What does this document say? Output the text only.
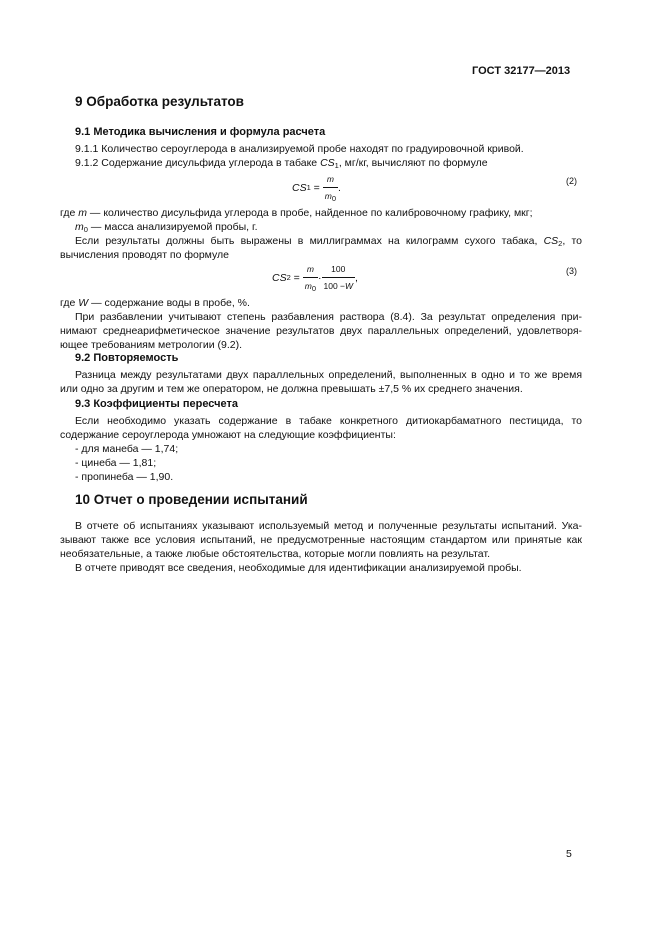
ГОСТ 32177—2013
9 Обработка результатов
9.1 Методика вычисления и формула расчета
9.1.1 Количество сероуглерода в анализируемой пробе находят по градуировочной кривой.
9.1.2 Содержание дисульфида углерода в табаке $CS_1$, мг/кг, вычисляют по формуле
CS $1 = \frac{m}{m_0}$ .
(2)
где m — количество дисульфида углерода в пробе, найденное по калибровочному графику, мкг;
$m_0$ — масса анализируемой пробы, г.
Если результаты должны быть выражены в миллиграммах на килограмм сухого табака, $CS_2$, то
вычисления проводят по формуле
CS $2 = \frac{m}{m_0} \cdot \frac{100}{100 -W}$ ,
(3)
где W — содержание воды в пробе, %.
При разбавлении учитывают степень разбавления раствора (8.4). За результат определения при-
нимают среднеарифметическое значение результатов двух параллельных определений, удовлетворя-
ющее требованиям метрологии (9.2).
9.2 Повторяемость
Разница между результатами двух параллельных определений, выполненных в одно и то же время
или одно за другим и тем же оператором, не должна превышать ±7,5 % их среднего значения.
9.3 Коэффициенты пересчета
Если необходимо указать содержание в табаке конкретного дитиокарбаматного пестицида, то
содержание сероуглерода умножают на следующие коэффициенты:
- для манеба — 1,74;
- цинеба — 1,81;
- пропинеба — 1,90.
10 Отчет о проведении испытаний
В отчете об испытаниях указывают используемый метод и полученные результаты испытаний. Ука-
зывают также все условия испытаний, не предусмотренные настоящим стандартом или принятые как
необязательные, а также любые обстоятельства, которые могли повлиять на результат.
В отчете приводят все сведения, необходимые для идентификации анализируемой пробы.
5
